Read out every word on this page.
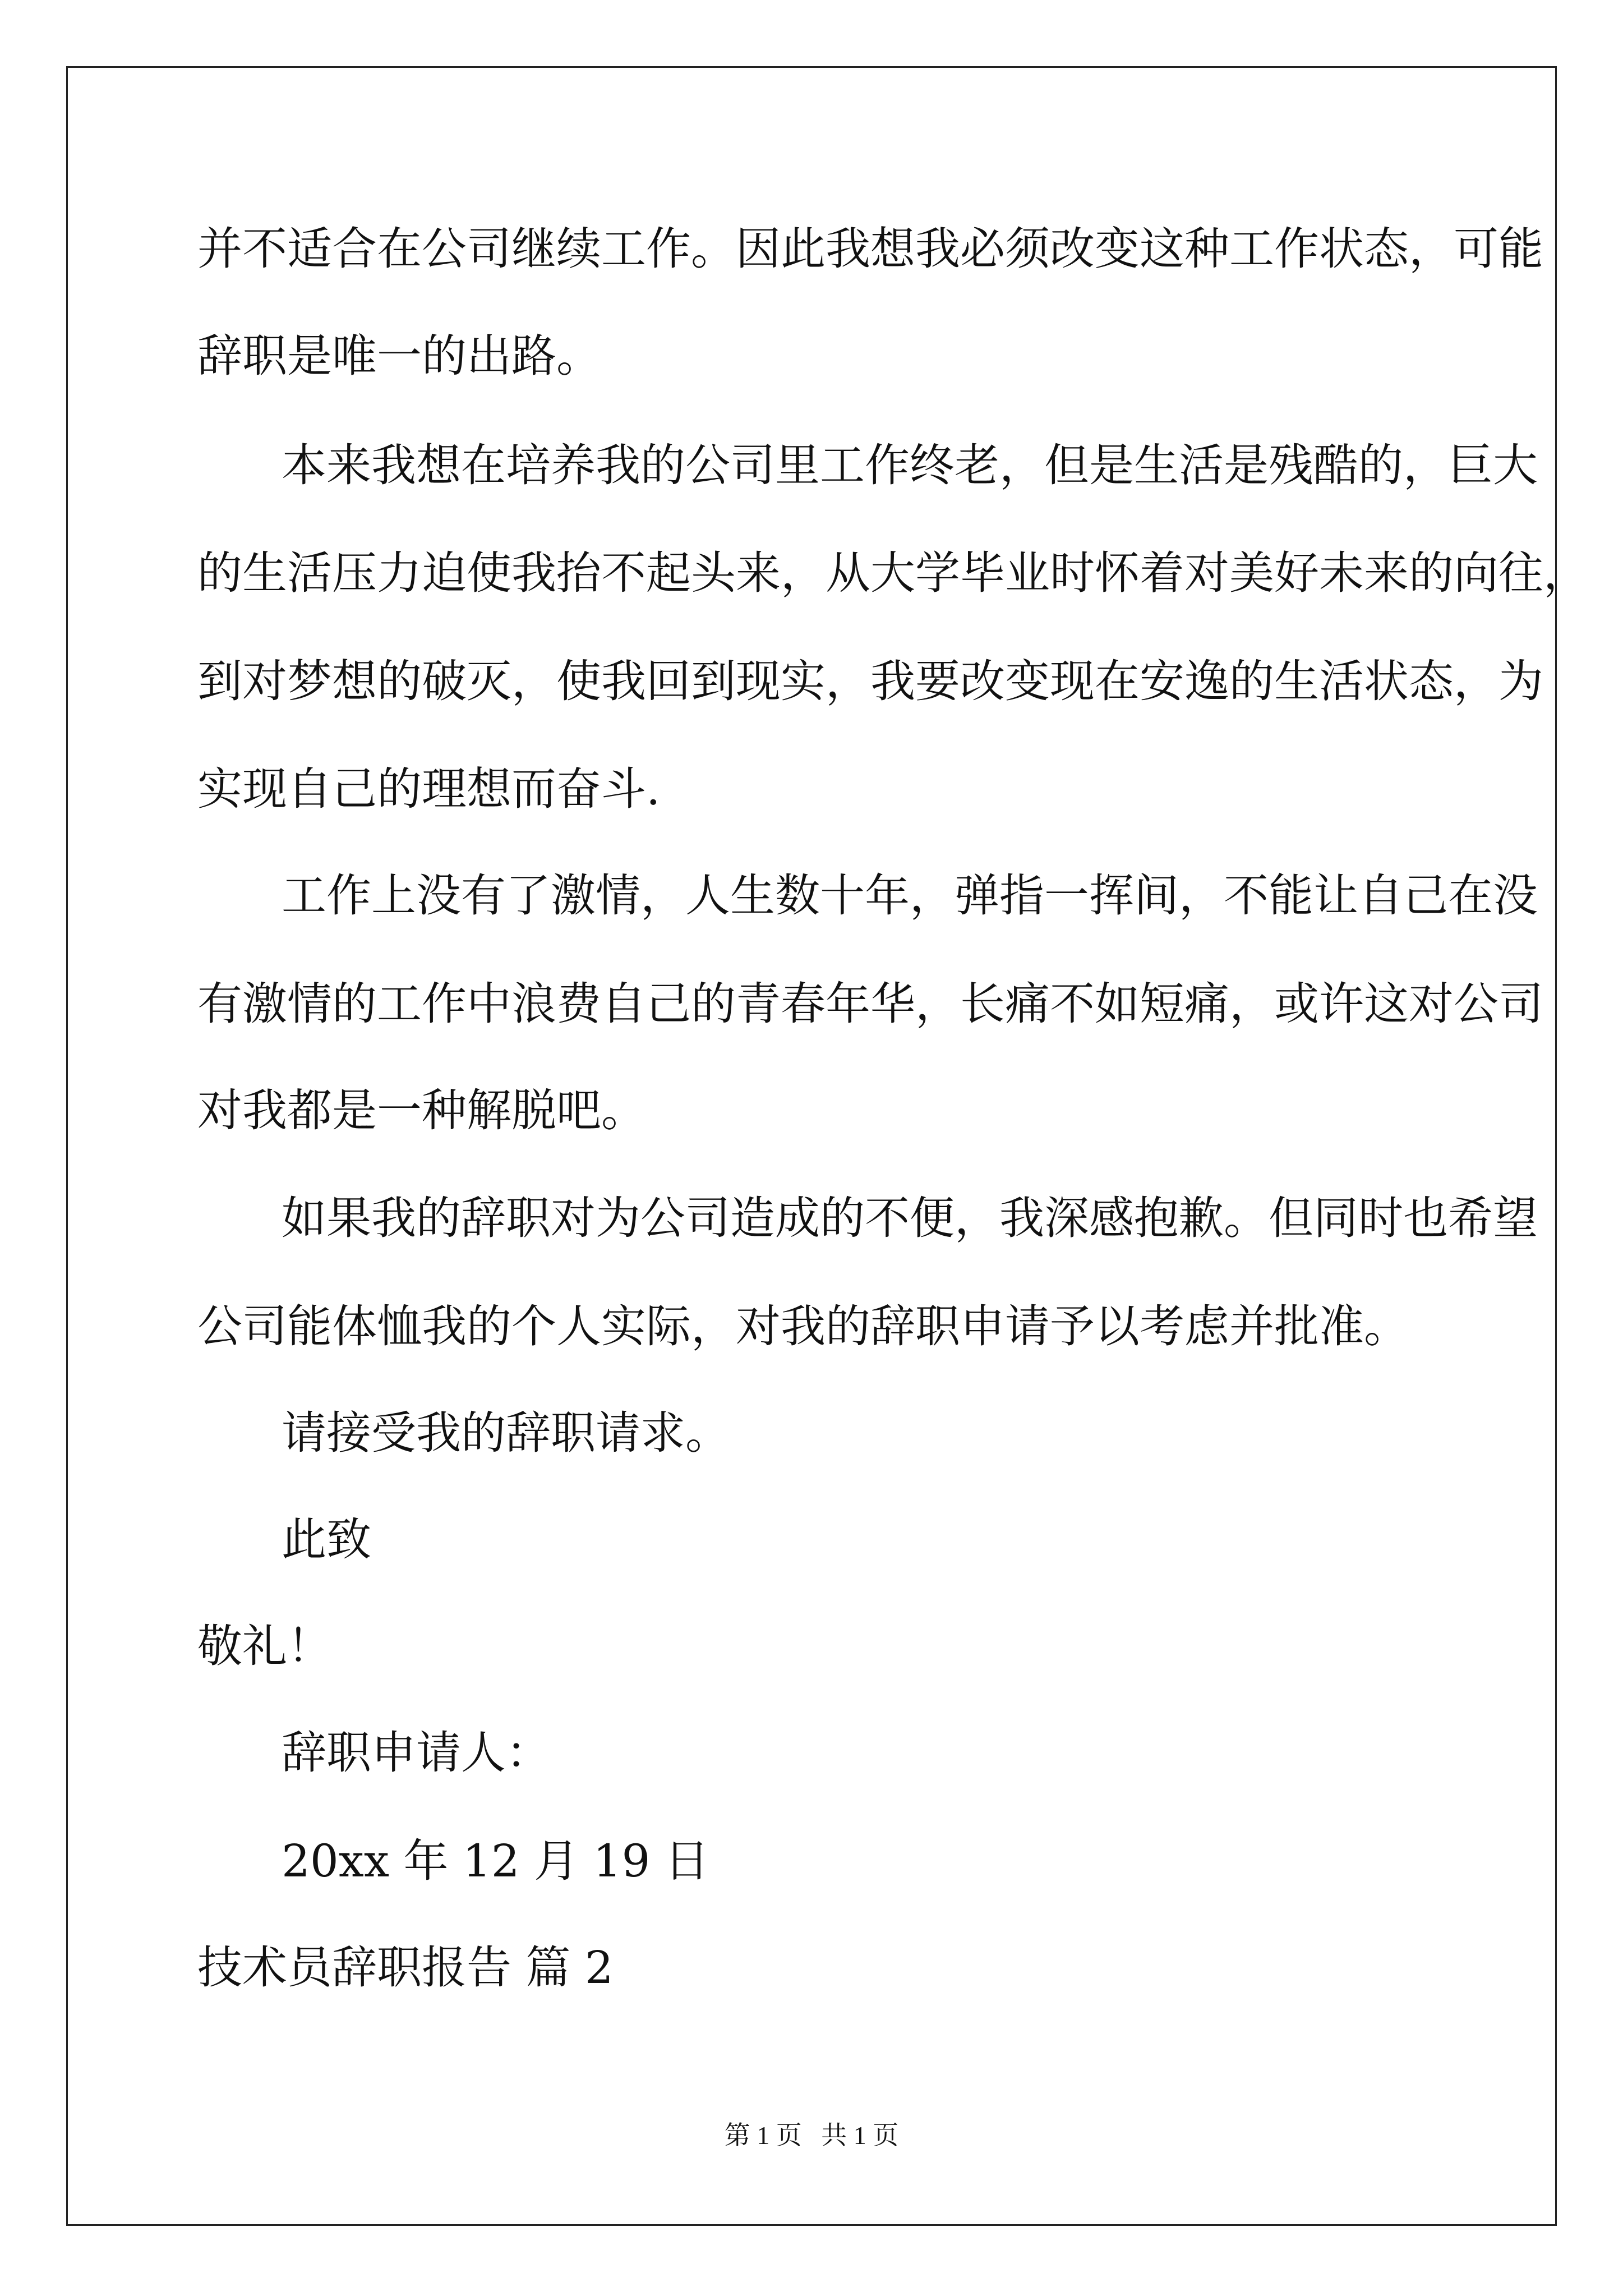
并不适合在公司继续工作。因此我想我必须改变这种工作状态，可能
辞职是唯一的出路。
本来我想在培养我的公司里工作终老，但是生活是残酷的，巨大
的生活压力迫使我抬不起头来，从大学毕业时怀着对美好未来的向往，
到对梦想的破灭，使我回到现实，我要改变现在安逸的生活状态，为
实现自己的理想而奋斗.
工作上没有了激情，人生数十年，弹指一挥间，不能让自己在没
有激情的工作中浪费自己的青春年华，长痛不如短痛，或许这对公司
对我都是一种解脱吧。
如果我的辞职对为公司造成的不便，我深感抱歉。但同时也希望
公司能体恤我的个人实际，对我的辞职申请予以考虑并批准。
请接受我的辞职请求。
此致
敬礼！
辞职申请人：
20xx 年 12 月 19 日
技术员辞职报告 篇 2
第 1 页   共 1 页
